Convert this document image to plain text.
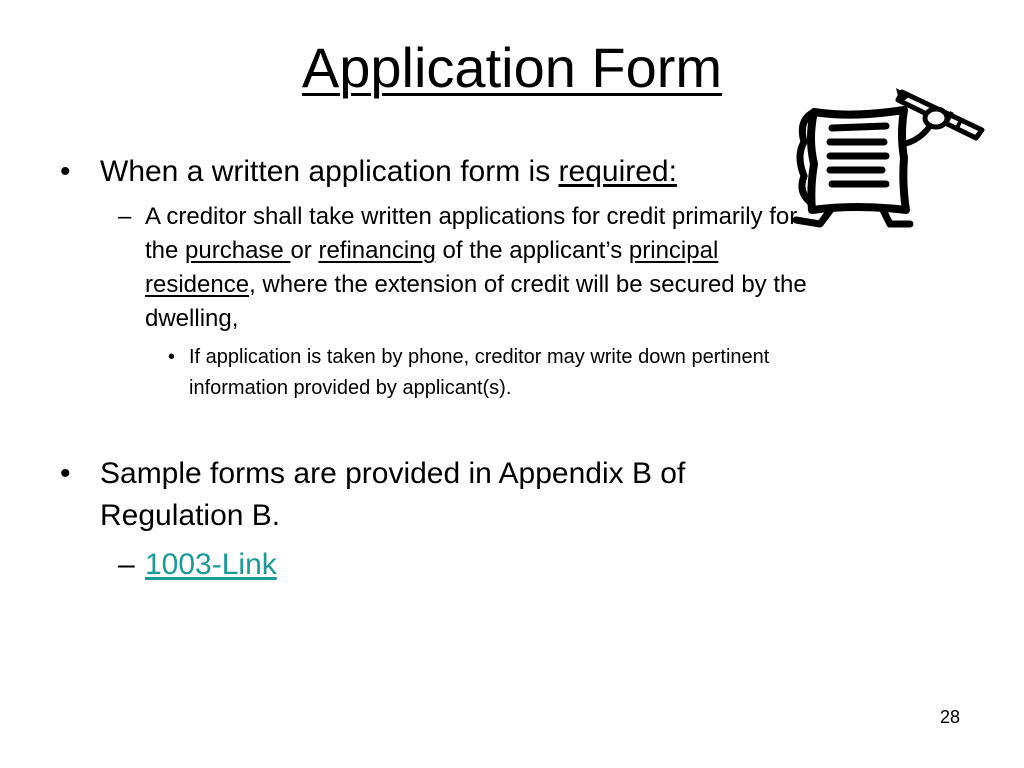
Application Form
• When a written application form is required:
– A creditor shall take written applications for credit primarily for the purchase or refinancing of the applicant’s principal residence, where the extension of credit will be secured by the dwelling,
• If application is taken by phone, creditor may write down pertinent information provided by applicant(s).
• Sample forms are provided in Appendix B of Regulation B.
– 1003-Link
28
